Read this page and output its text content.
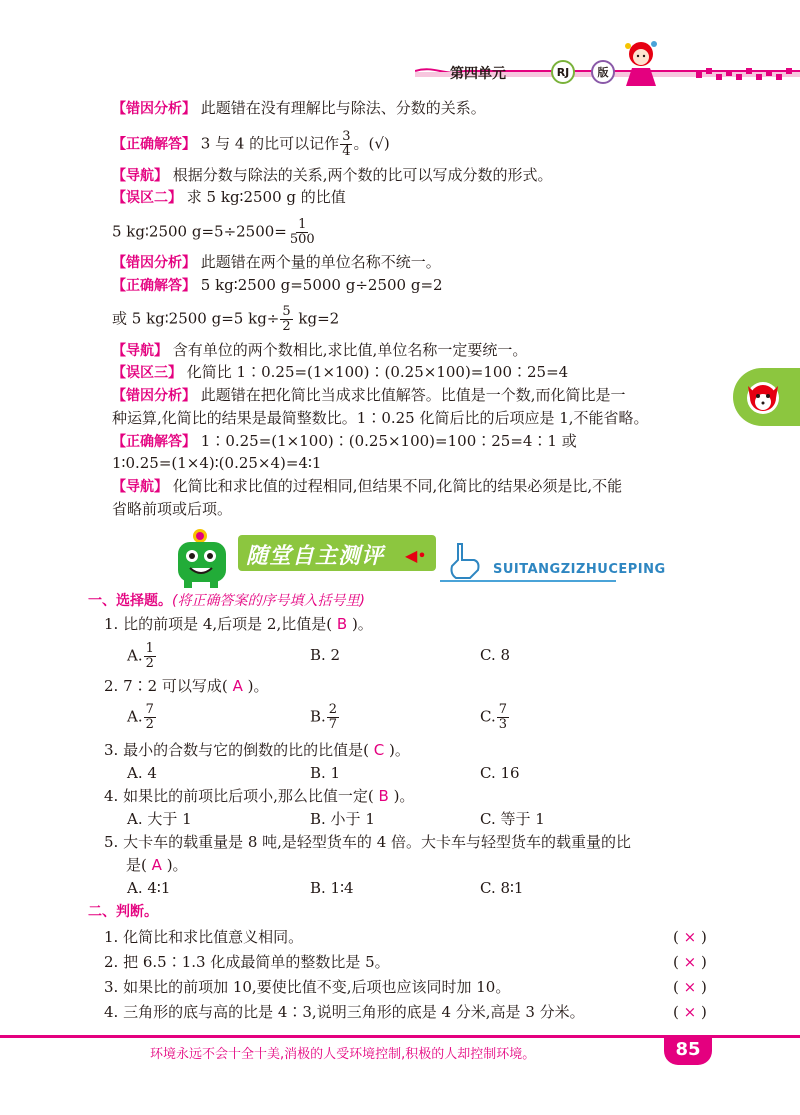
第四单元	RJ	版
【错因分析】 此题错在没有理解比与除法、分数的关系。
【正确解答】 3 与 4 的比可以记作 $\frac{3}{4}$ 。(√)
【导航】 根据分数与除法的关系,两个数的比可以写成分数的形式。
【误区二】 求 5 kg∶2500 g 的比值
5 kg∶2500 $g=5\div 2500= \frac{1}{500}$
【错因分析】 此题错在两个量的单位名称不统一。
【正确解答】 5 kg∶2500 g=5000 g÷2500 g=2
或 5 kg∶2500 g=5 $kg\div \frac{5}{2} kg=2$
【导航】 含有单位的两个数相比,求比值,单位名称一定要统一。
【误区三】 化简比 1∶0.25=(1×100)∶(0.25×100)=100∶25=4
【错因分析】 此题错在把化简比当成求比值解答。比值是一个数,而化简比是一
种运算,化简比的结果是最简整数比。1∶0.25 化简后比的后项应是 1,不能省略。
【正确解答】 1∶0.25=(1×100)∶(0.25×100)=100∶25=4∶1 或
1∶0.25=(1×4)∶(0.25×4)=4∶1
【导航】 化简比和求比值的过程相同,但结果不同,化简比的结果必须是比,不能
省略前项或后项。
随堂自主测评 ◀•
SUITANGZIZHUCEPING
一、选择题。(将正确答案的序号填入括号里)
1. 比的前项是 4,后项是 2,比值是( B )。
A. $\frac{1}{2}$	B. 2	C. 8
2. 7∶2 可以写成( A )。
A. $\frac{7}{2}$	B. $\frac{2}{7}$	C. $\frac{7}{3}$
3. 最小的合数与它的倒数的比的比值是( C )。
A. 4	B. 1	C. 16
4. 如果比的前项比后项小,那么比值一定( B )。
A. 大于 1	B. 小于 1	C. 等于 1
5. 大卡车的载重量是 8 吨,是轻型货车的 4 倍。大卡车与轻型货车的载重量的比
是( A )。
A. 4∶1	B. 1∶4	C. 8∶1
二、判断。
1. 化简比和求比值意义相同。	( × )
2. 把 6.5∶1.3 化成最简单的整数比是 5。	( × )
3. 如果比的前项加 10,要使比值不变,后项也应该同时加 10。	( × )
4. 三角形的底与高的比是 4∶3,说明三角形的底是 4 分米,高是 3 分米。	( × )
环境永远不会十全十美,消极的人受环境控制,积极的人却控制环境。	85
